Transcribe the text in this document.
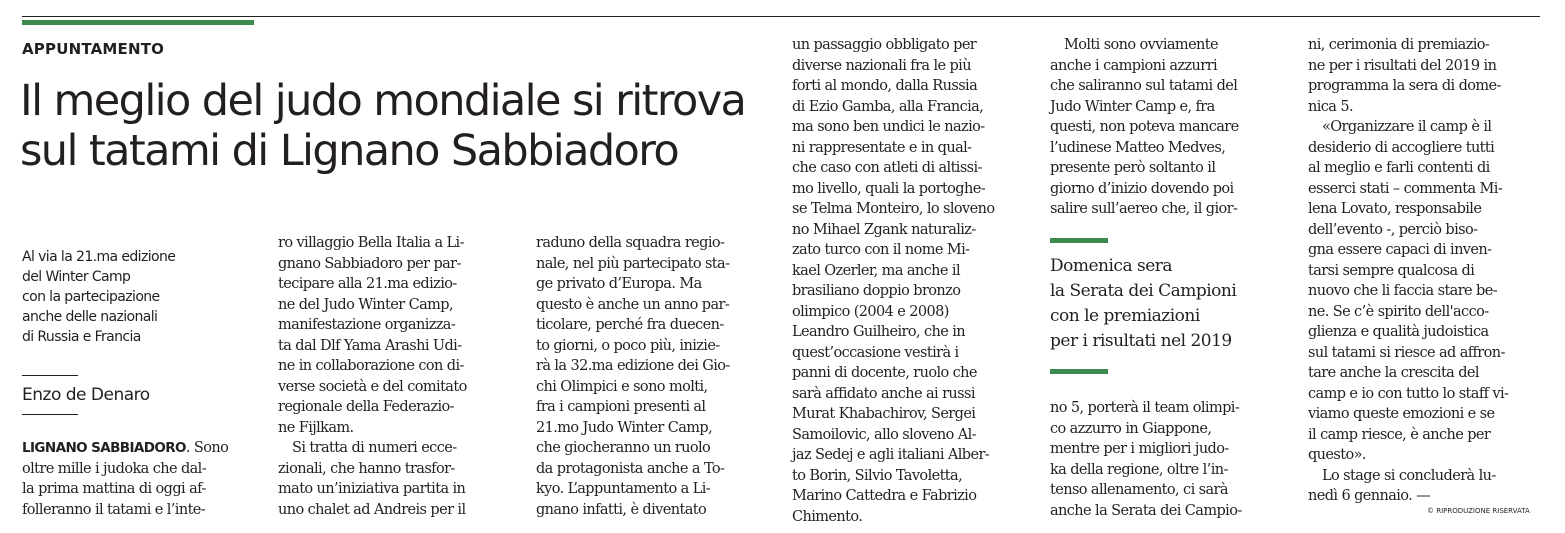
APPUNTAMENTO
Il meglio del judo mondiale si ritrova
sul tatami di Lignano Sabbiadoro
Al via la 21.ma edizione
del Winter Camp
con la partecipazione
anche delle nazionali
di Russia e Francia
Enzo de Denaro

LIGNANO SABBIADORO. Sono

oltre mille i judoka che dal-

la prima mattina di oggi af-

folleranno il tatami e l’inte-

ro villaggio Bella Italia a Li-

gnano Sabbiadoro per par-

tecipare alla 21.ma edizio-

ne del Judo Winter Camp,

manifestazione organizza-

ta dal Dlf Yama Arashi Udi-

ne in collaborazione con di-

verse società e del comitato

regionale della Federazio-

ne Fijlkam.

Si tratta di numeri ecce-

zionali, che hanno trasfor-

mato un’iniziativa partita in

uno chalet ad Andreis per il

raduno della squadra regio-

nale, nel più partecipato sta-

ge privato d’Europa. Ma

questo è anche un anno par-

ticolare, perché fra duecen-

to giorni, o poco più, inizie-

rà la 32.ma edizione dei Gio-

chi Olimpici e sono molti,

fra i campioni presenti al

21.mo Judo Winter Camp,

che giocheranno un ruolo

da protagonista anche a To-

kyo. L’appuntamento a Li-

gnano infatti, è diventato

un passaggio obbligato per

diverse nazionali fra le più

forti al mondo, dalla Russia

di Ezio Gamba, alla Francia,

ma sono ben undici le nazio-

ni rappresentate e in qual-

che caso con atleti di altissi-

mo livello, quali la portoghe-

se Telma Monteiro, lo sloveno

no Mihael Zgank naturaliz-

zato turco con il nome Mi-

kael Ozerler, ma anche il

brasiliano doppio bronzo

olimpico (2004 e 2008)

Leandro Guilheiro, che in

quest’occasione vestirà i

panni di docente, ruolo che

sarà affidato anche ai russi

Murat Khabachirov, Sergei

Samoilovic, allo sloveno Al-

jaz Sedej e agli italiani Alber-

to Borin, Silvio Tavoletta,

Marino Cattedra e Fabrizio

Chimento.

Molti sono ovviamente

anche i campioni azzurri

che saliranno sul tatami del

Judo Winter Camp e, fra

questi, non poteva mancare

l’udinese Matteo Medves,

presente però soltanto il

giorno d’inizio dovendo poi

salire sull’aereo che, il gior-

Domenica sera
la Serata dei Campioni
con le premiazioni
per i risultati nel 2019

no 5, porterà il team olimpi-

co azzurro in Giappone,

mentre per i migliori judo-

ka della regione, oltre l’in-

tenso allenamento, ci sarà

anche la Serata dei Campio-

ni, cerimonia di premiazio-

ne per i risultati del 2019 in

programma la sera di dome-

nica 5.

«Organizzare il camp è il

desiderio di accogliere tutti

al meglio e farli contenti di

esserci stati – commenta Mi-

lena Lovato, responsabile

dell’evento -, perciò biso-

gna essere capaci di inven-

tarsi sempre qualcosa di

nuovo che li faccia stare be-

ne. Se c’è spirito dell'acco-

glienza e qualità judoistica

sul tatami si riesce ad affron-

tare anche la crescita del

camp e io con tutto lo staff vi-

viamo queste emozioni e se

il camp riesce, è anche per

questo».

Lo stage si concluderà lu-

nedì 6 gennaio. —

© RIPRODUZIONE RISERVATA
